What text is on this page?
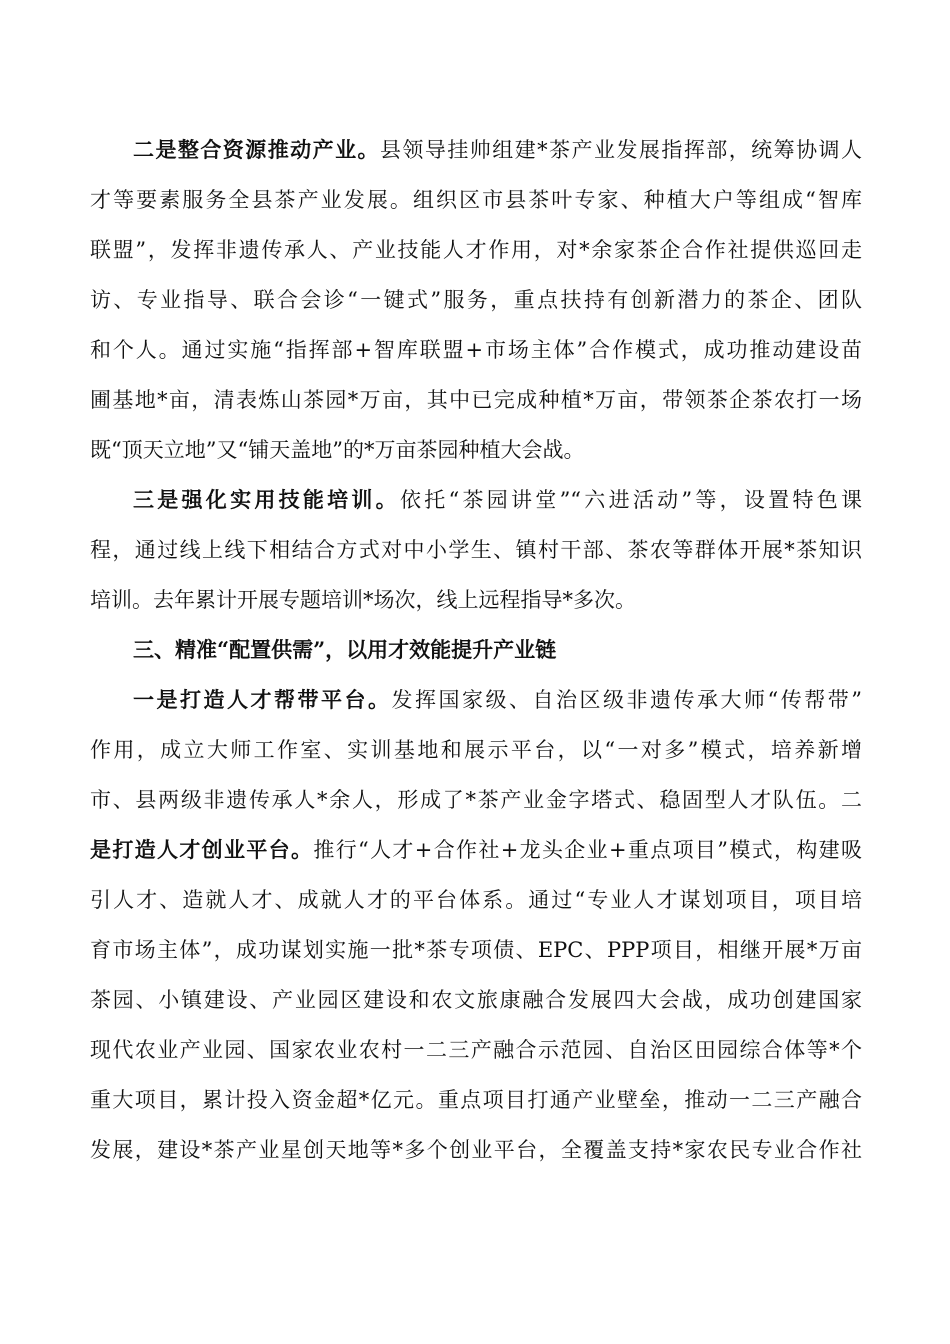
二是整合资源推动产业。县领导挂帅组建*茶产业发展指挥部，统筹协调人
才等要素服务全县茶产业发展。组织区市县茶叶专家、种植大户等组成“智库
联盟”，发挥非遗传承人、产业技能人才作用，对*余家茶企合作社提供巡回走
访、专业指导、联合会诊“一键式”服务，重点扶持有创新潜力的茶企、团队
和个人。通过实施“指挥部+智库联盟+市场主体”合作模式，成功推动建设苗
圃基地*亩，清表炼山茶园*万亩，其中已完成种植*万亩，带领茶企茶农打一场
既“顶天立地”又“铺天盖地”的*万亩茶园种植大会战。
三是强化实用技能培训。依托“茶园讲堂”“六进活动”等，设置特色课
程，通过线上线下相结合方式对中小学生、镇村干部、茶农等群体开展*茶知识
培训。去年累计开展专题培训*场次，线上远程指导*多次。
三、精准“配置供需”，以用才效能提升产业链
一是打造人才帮带平台。发挥国家级、自治区级非遗传承大师“传帮带”
作用，成立大师工作室、实训基地和展示平台，以“一对多”模式，培养新增
市、县两级非遗传承人*余人，形成了*茶产业金字塔式、稳固型人才队伍。二
是打造人才创业平台。推行“人才+合作社+龙头企业+重点项目”模式，构建吸
引人才、造就人才、成就人才的平台体系。通过“专业人才谋划项目，项目培
育市场主体”，成功谋划实施一批*茶专项债、EPC、PPP项目，相继开展*万亩
茶园、小镇建设、产业园区建设和农文旅康融合发展四大会战，成功创建国家
现代农业产业园、国家农业农村一二三产融合示范园、自治区田园综合体等*个
重大项目，累计投入资金超*亿元。重点项目打通产业壁垒，推动一二三产融合
发展，建设*茶产业星创天地等*多个创业平台，全覆盖支持*家农民专业合作社
